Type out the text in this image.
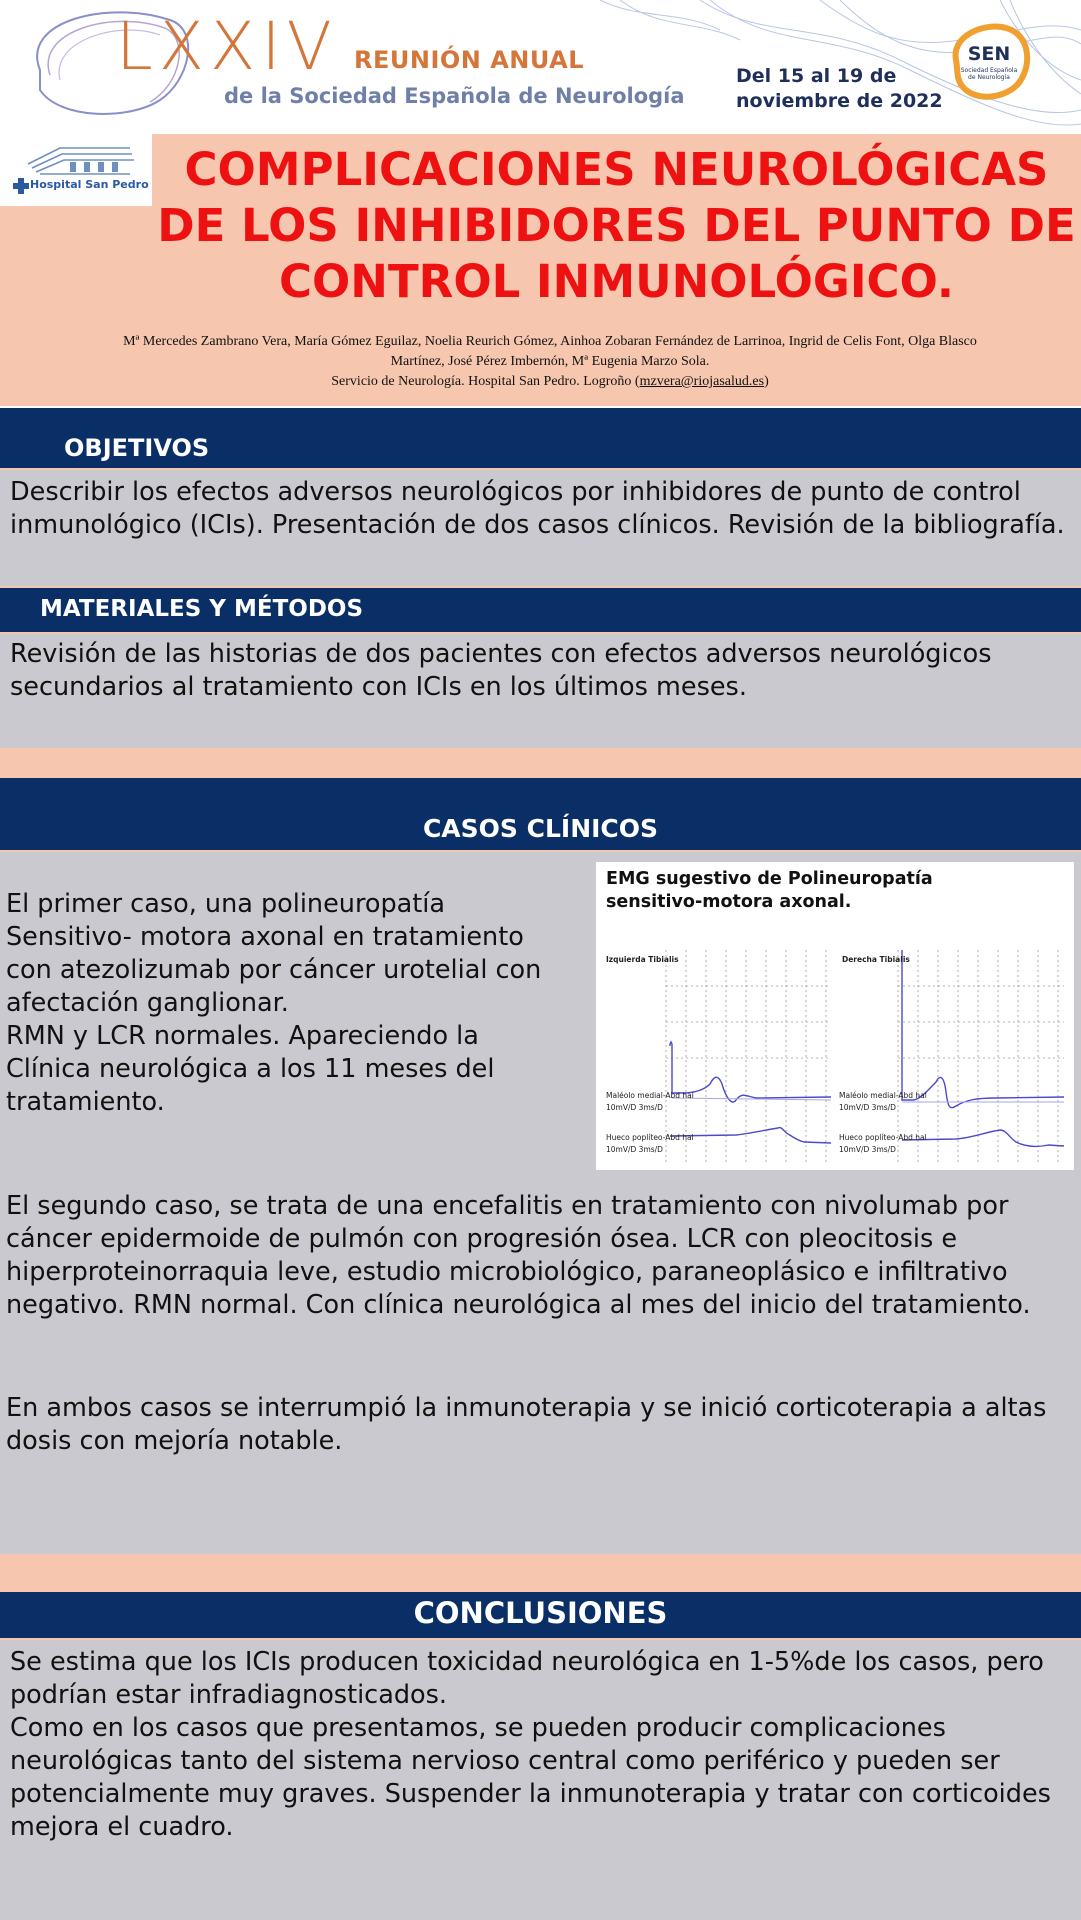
LXXIV REUNIÓN ANUAL
de la Sociedad Española de Neurología
Del 15 al 19 de
noviembre de 2022
SEN
Sociedad Española
de Neurología
Hospital San Pedro COMPLICACIONES NEUROLÓGICAS
DE LOS INHIBIDORES DEL PUNTO DE
CONTROL INMUNOLÓGICO.
Mª Mercedes Zambrano Vera, María Gómez Eguilaz, Noelia Reurich Gómez, Ainhoa Zobaran Fernández de Larrinoa, Ingrid de Celis Font, Olga Blasco
Martínez, José Pérez Imbernón, Mª Eugenia Marzo Sola.
Servicio de Neurología. Hospital San Pedro. Logroño (mzvera@riojasalud.es)
OBJETIVOS
Describir los efectos adversos neurológicos por inhibidores de punto de control inmunológico (ICIs). Presentación de dos casos clínicos. Revisión de la bibliografía.
MATERIALES Y MÉTODOS
Revisión de las historias de dos pacientes con efectos adversos neurológicos secundarios al tratamiento con ICIs en los últimos meses.
CASOS CLÍNICOS
El primer caso, una polineuropatía Sensitivo- motora axonal en tratamiento con atezolizumab por cáncer urotelial con afectación ganglionar.
RMN y LCR normales. Apareciendo la Clínica neurológica a los 11 meses del tratamiento.
El segundo caso, se trata de una encefalitis en tratamiento con nivolumab por cáncer epidermoide de pulmón con progresión ósea. LCR con pleocitosis e hiperproteinorraquia leve, estudio microbiológico, paraneoplásico e infiltrativo negativo. RMN normal. Con clínica neurológica al mes del inicio del tratamiento.
En ambos casos se interrumpió la inmunoterapia y se inició corticoterapia a altas dosis con mejoría notable.
Izquierda Tibialis	Derecha Tibialis
Maléolo medial-Abd hal
10mV/D 3ms/D
Hueco poplíteo-Abd hal
10mV/D 3ms/D
Maléolo medial-Abd hal
10mV/D 3ms/D
Hueco poplíteo-Abd hal
10mV/D 3ms/D
EMG sugestivo de Polineuropatía sensitivo-motora axonal.
CONCLUSIONES
Se estima que los ICIs producen toxicidad neurológica en 1-5%de los casos, pero podrían estar infradiagnosticados.
Como en los casos que presentamos, se pueden producir complicaciones neurológicas tanto del sistema nervioso central como periférico y pueden ser potencialmente muy graves. Suspender la inmunoterapia y tratar con corticoides mejora el cuadro.
